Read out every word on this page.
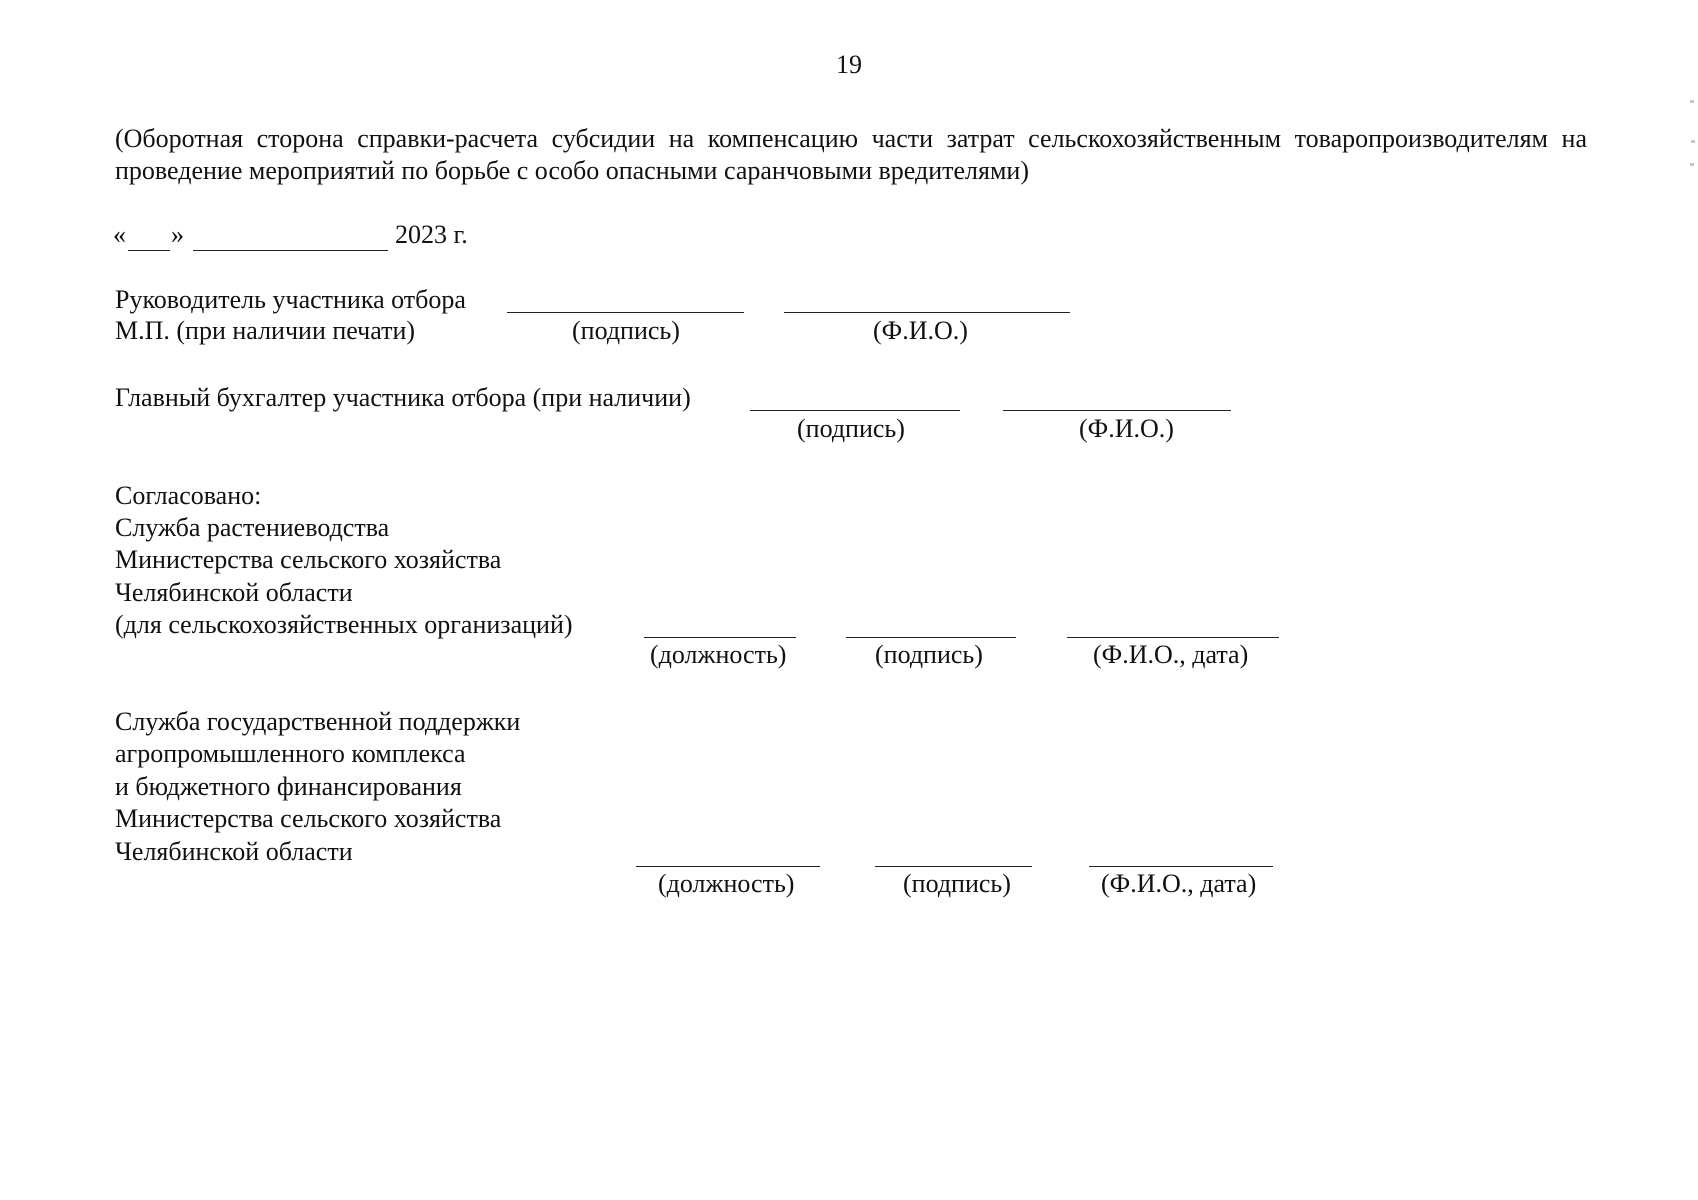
19
(Оборотная сторона справки-расчета субсидии на компенсацию части затрат сельскохозяйственным товаропроизводителям на проведение мероприятий по борьбе с особо опасными саранчовыми вредителями)
« »	2023 г.
Руководитель участника отбора
М.П. (при наличии печати)	(подпись)	(Ф.И.О.)
Главный бухгалтер участника отбора (при наличии)
(подпись)	(Ф.И.О.)
Согласовано:
Служба растениеводства
Министерства сельского хозяйства
Челябинской области
(для сельскохозяйственных организаций)
(должность)	(подпись)	(Ф.И.О., дата)
Служба государственной поддержки
агропромышленного комплекса
и бюджетного финансирования
Министерства сельского хозяйства
Челябинской области
(должность)	(подпись)	(Ф.И.О., дата)
